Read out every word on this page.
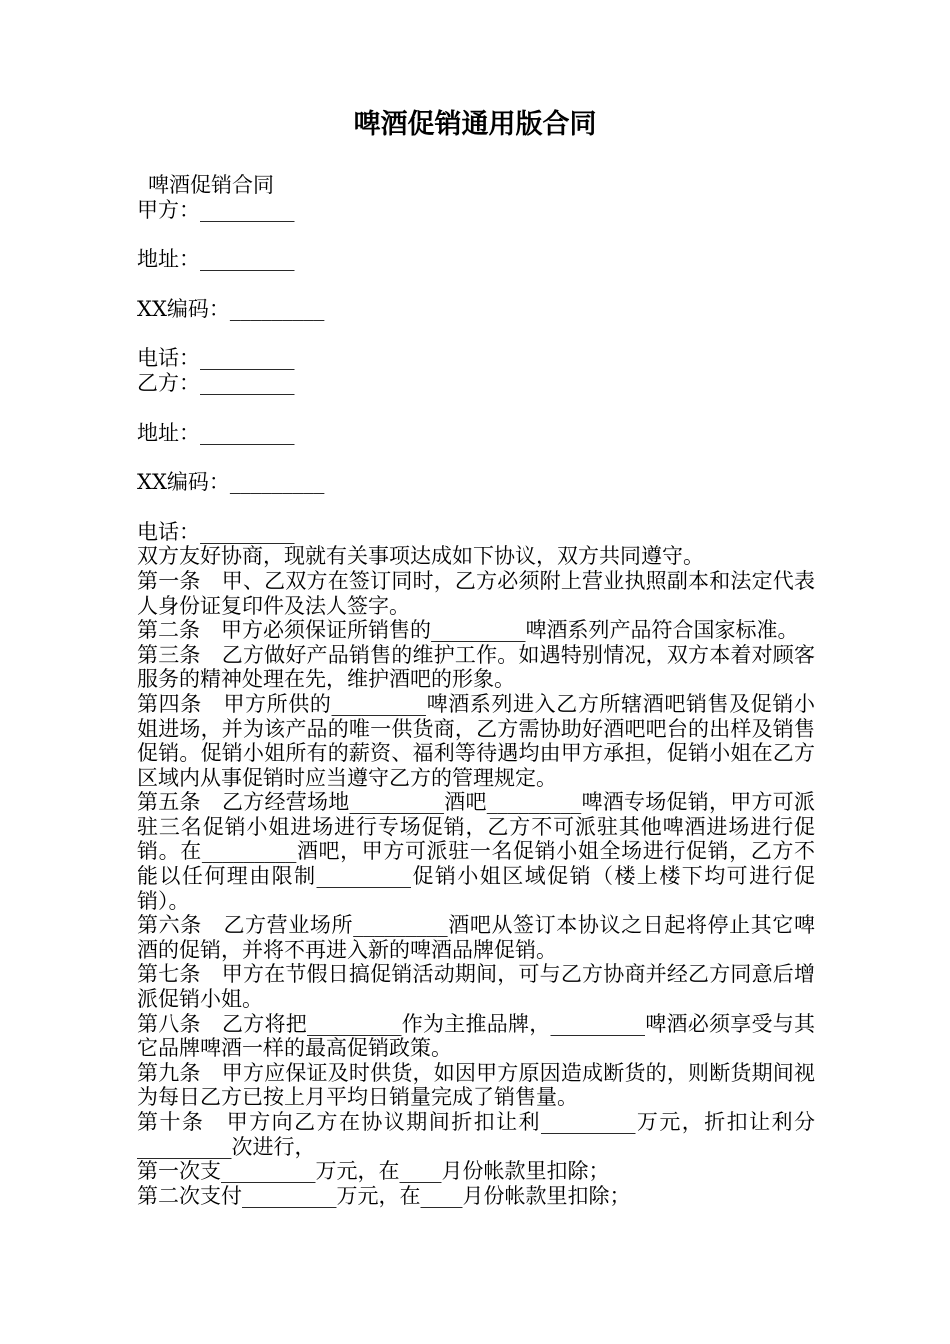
啤酒促销通用版合同

啤酒促销合同

甲方：_________

地址：_________

XX编码：_________

电话：_________

乙方：_________

地址：_________

XX编码：_________

电话：_________

双方友好协商，现就有关事项达成如下协议，双方共同遵守。

第一条　甲、乙双方在签订同时，乙方必须附上营业执照副本和法定代表人身份证复印件及法人签字。

第二条　甲方必须保证所销售的_________啤酒系列产品符合国家标准。

第三条　乙方做好产品销售的维护工作。如遇特别情况，双方本着对顾客服务的精神处理在先，维护酒吧的形象。

第四条　甲方所供的_________啤酒系列进入乙方所辖酒吧销售及促销小姐进场，并为该产品的唯一供货商，乙方需协助好酒吧吧台的出样及销售促销。促销小姐所有的薪资、福利等待遇均由甲方承担，促销小姐在乙方区域内从事促销时应当遵守乙方的管理规定。

第五条　乙方经营场地_________酒吧_________啤酒专场促销，甲方可派驻三名促销小姐进场进行专场促销，乙方不可派驻其他啤酒进场进行促销。在_________酒吧，甲方可派驻一名促销小姐全场进行促销，乙方不能以任何理由限制_________促销小姐区域促销（楼上楼下均可进行促销）。

第六条　乙方营业场所_________酒吧从签订本协议之日起将停止其它啤酒的促销，并将不再进入新的啤酒品牌促销。

第七条　甲方在节假日搞促销活动期间，可与乙方协商并经乙方同意后增派促销小姐。

第八条　乙方将把_________作为主推品牌，_________啤酒必须享受与其它品牌啤酒一样的最高促销政策。

第九条　甲方应保证及时供货，如因甲方原因造成断货的，则断货期间视为每日乙方已按上月平均日销量完成了销售量。

第十条　甲方向乙方在协议期间折扣让利_________万元，折扣让利分_________次进行，

第一次支_________万元，在____月份帐款里扣除；

第二次支付_________万元，在____月份帐款里扣除；
